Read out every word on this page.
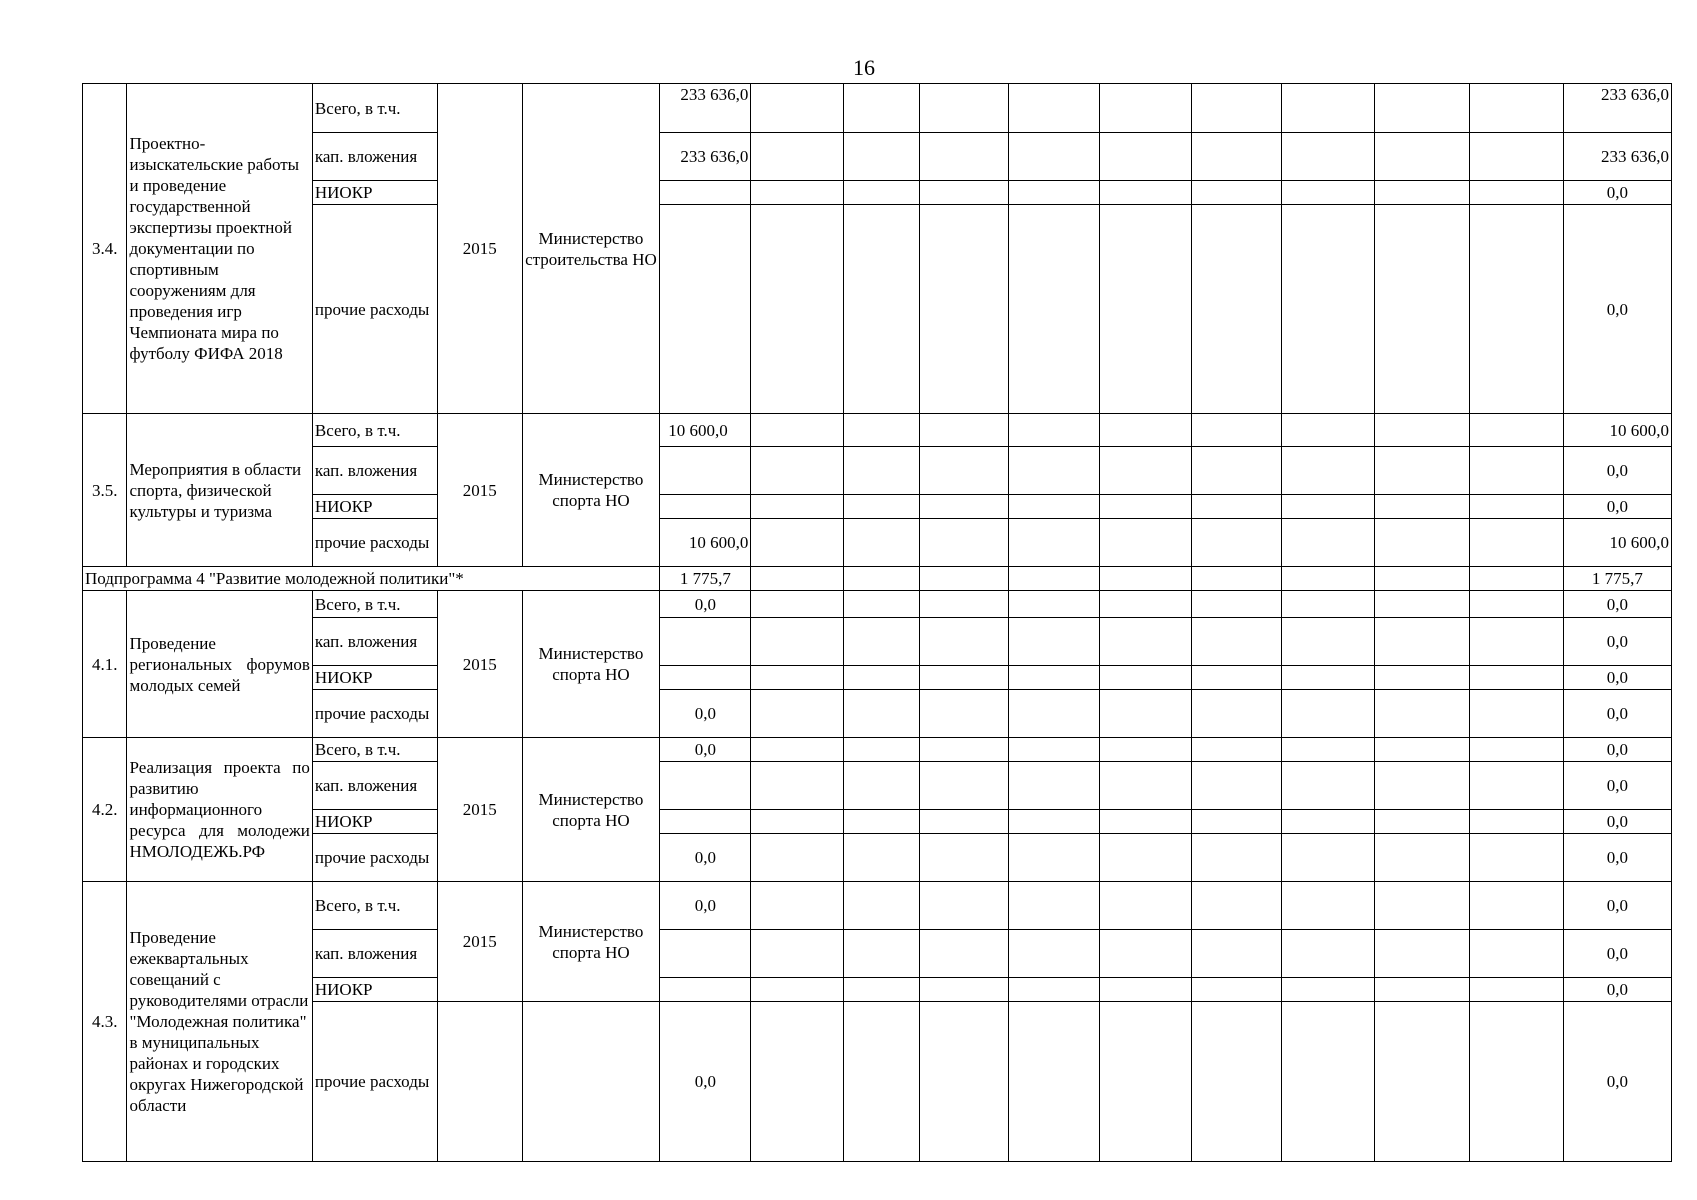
16
3.4.	Проектно-изыскательские работы и проведение государственной экспертизы проектной документации по спортивным сооружениям для проведения игр Чемпионата мира по футболу ФИФА 2018	Всего, в т.ч.	2015	Министерство строительства НО	233 636,0										233 636,0
		кап. вложения			233 636,0										233 636,0
		НИОКР													0,0
		прочие расходы													0,0
3.5.	Мероприятия в области спорта, физической культуры и туризма	Всего, в т.ч.	2015	Министерство спорта НО	10 600,0										10 600,0
		кап. вложения													0,0
		НИОКР													0,0
		прочие расходы			10 600,0										10 600,0
Подпрограмма 4 "Развитие молодежной политики"*					1 775,7										1 775,7
4.1.	Проведение региональных форумов молодых семей	Всего, в т.ч.	2015	Министерство спорта НО	0,0										0,0
		кап. вложения													0,0
		НИОКР													0,0
		прочие расходы			0,0										0,0
4.2.	Реализация проекта по развитию информационного ресурса для молодежи НМОЛОДЕЖЬ.РФ	Всего, в т.ч.	2015	Министерство спорта НО	0,0										0,0
		кап. вложения													0,0
		НИОКР													0,0
		прочие расходы			0,0										0,0
4.3.	Проведение ежеквартальных совещаний с руководителями отрасли "Молодежная политика" в муниципальных районах и городских округах Нижегородской области	Всего, в т.ч.	2015	Министерство спорта НО	0,0										0,0
		кап. вложения													0,0
		НИОКР													0,0
		прочие расходы			0,0										0,0
